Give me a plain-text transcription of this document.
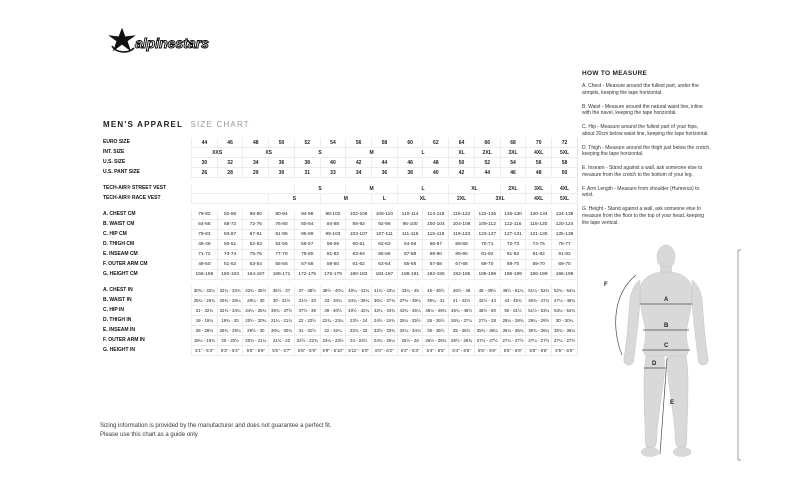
alpinestars
MEN'S APPAREL SIZE CHART
EURO SIZE	44	46	48	50	52	54	56	58	60	62	64	66	68	70	72
INT. SIZE	XXS		XS		S		M		L		XL	2XL	3XL	4XL	5XL
U.S. SIZE	30	32	34	36	38	40	42	44	46	48	50	52	54	56	58
U.S. PANT SIZE	26	28	29	30	31	33	34	36	38	40	42	44	46	48	50

TECH-AIR® STREET VEST					S		M		L		XL		2XL	3XL	4XL
TECH-AIR® RACE VEST				S		M		L	XL		2XL	3XL		4XL	5XL

A. CHEST CM	78-82	82-86	86-90	90-94	94-98	98-102	102-106	106-110	110-114	114-118	118-122	122-126	126-130	130-134	134-138
B. WAIST CM	64-68	68-72	72-76	76-80	80-84	84-88	88-92	92-96	96-100	100-104	104-108	108-112	112-116	116-120	120-124
C. HIP CM	79-83	83-87	87-91	91-95	95-99	99-103	103-107	107-111	111-115	115-119	119-123	123-127	127-131	131-135	135-139
D. THIGH CM	48-49	50-51	52-53	54-55	56-57	58-59	60-61	62-63	64-65	66-67	68-69	70-71	72-73	74-75	76-77
E. INSEAM CM	71-72	73-74	75-76	77-78	79-80	81-82	83-84	85-86	87-88	89-90	89-90	91-92	91-92	91-92	91-92
F. OUTER ARM CM	49-50	51-52	53-54	55-56	57-58	59-60	61-62	63-64	65-66	67-68	67-68	69-70	69-70	69-70	69-70
G. HEIGHT CM	156-159	160-163	164-167	168-171	172-175	176-179	180-183	184-187	188-191	192-195	192-195	196-199	196-199	196-199	196-199

A. CHEST IN	30¾ - 32¼	32¼ - 33¾	33¾ - 35½	35½ - 37	37 - 38½	38½ - 40¼	40¼ - 41¾	41¾ - 43¼	43¼ - 45	45 - 46½	46½ - 48	48 - 49½	49½ - 51¼	51¼ - 52¾	52¾ - 54¼
B. WAIST IN	25¼ - 26¾	26¾ - 28¼	28¼ - 30	30 - 31½	31½ - 33	33 - 34¾	34¾ - 36¼	36¼ - 37¾	37¾ - 39¼	39¼ - 41	41 - 42½	42½ - 44	44 - 45¾	45¾ - 47¼	47¼ - 48¾
C. HIP IN	31 - 32¾	32¾ - 34¼	34¼ - 35¾	35¾ - 37½	37½ - 39	39 - 40½	40½ - 42¼	42¼ - 43¾	43¾ - 45¼	45¼ - 46¾	46¾ - 48½	48½ - 50	50 - 51½	51½ - 53¼	53¼ - 54¾
D. THIGH IN	19 - 19¼	19¾ - 20	20½ - 20¾	21¼ - 21¾	22 - 22½	22¾ - 23¼	23½ - 24	24½ - 24¾	25¼ - 25½	26 - 26½	26¾ - 27¼	27½ - 28	28¼ - 28¾	29¼ - 29½	30 - 30¼
E. INSEAM IN	28 - 28¼	28¾ - 29¼	29½ - 30	30¼ - 30¾	31 - 31½	32 - 32¼	32¾ - 33	33½ - 33¾	34¼ - 34¾	35 - 35½	35 - 35½	35¾ - 36¼	35¾ - 36¼	35¾ - 36¼	35¾ - 36¼
F. OUTER ARM IN	19¼ - 19¾	20 - 20½	20¾ - 21¼	21¾ - 22	22½ - 22¾	23¼ - 23½	24 - 24½	24¾ - 25¼	25½ - 26	26½ - 26¾	26½ - 26¾	27¼ - 27½	27¼ - 27½	27¼ - 27½	27¼ - 27½
G. HEIGHT IN	5'1" - 5'3"	5'3" - 5'4"	5'5" - 5'6"	5'6" - 5'7"	5'8" - 5'9"	5'9" - 5'10"	5'11" - 6'0"	6'0" - 6'2"	6'2" - 6'3"	6'4" - 6'5"	6'4" - 6'5"	6'5" - 6'6"	6'5" - 6'6"	6'5" - 6'6"	6'5" - 6'6"
HOW TO MEASURE

A. Chest - Measure around the fullest part, under the armpits, keeping the tape horizontal.

B. Waist - Measure around the natural waist line, inline with the navel, keeping the tape horizontal.

C. Hip - Measure around the fullest part of your hips, about 20cm below waist line, keeping the tape horizontal.

D. Thigh - Measure around the thigh just below the crotch, keeping the tape horizontal.

E. Inseam - Stand against a wall, ask someone else to measure from the crotch to the bottom of your leg.

F. Arm Length - Measure from shoulder (Humerus) to wrist.

G. Height - Stand against a wall, ask someone else to measure from the floor to the top of your head, keeping the tape vertical.

A
B
C
D
E
F
Sizing information is provided by the manufacturer and does not guarantee a perfect fit.
Please use this chart as a guide only
